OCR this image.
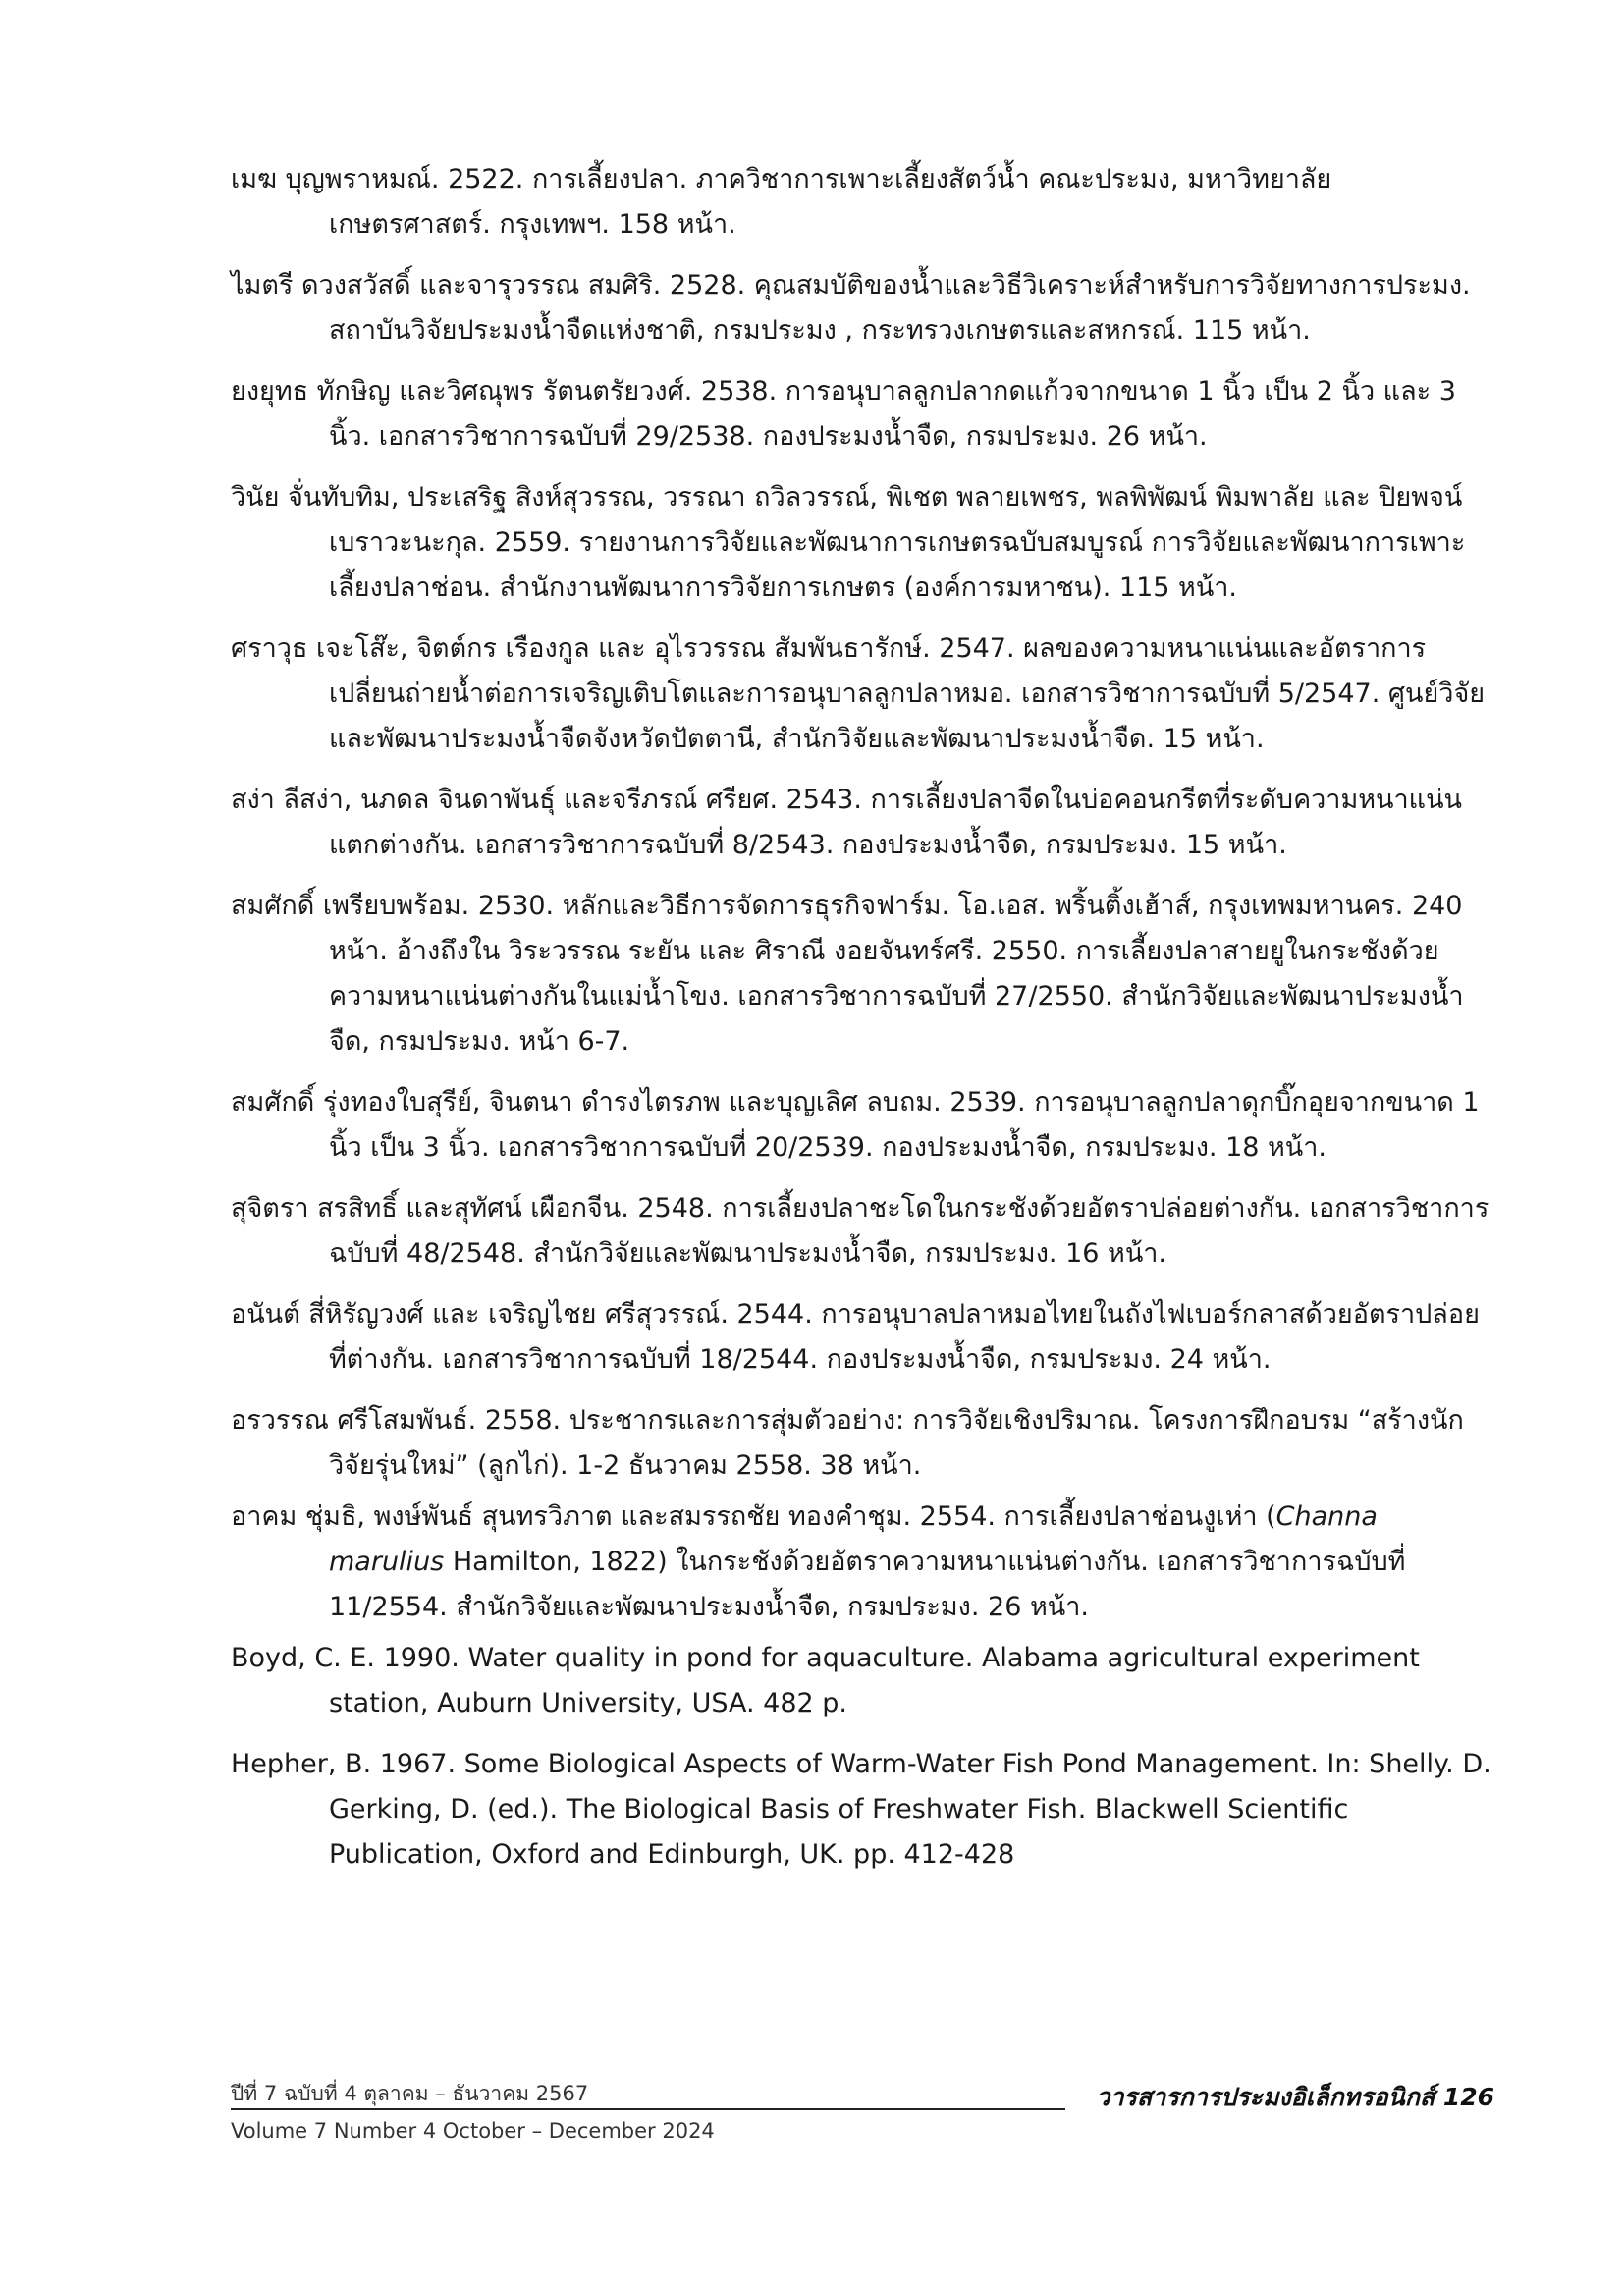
เมฆ บุญพราหมณ์. 2522. การเลี้ยงปลา. ภาควิชาการเพาะเลี้ยงสัตว์น้ำ คณะประมง, มหาวิทยาลัยเกษตรศาสตร์. กรุงเทพฯ. 158 หน้า.
ไมตรี ดวงสวัสดิ์ และจารุวรรณ สมศิริ. 2528. คุณสมบัติของน้ำและวิธีวิเคราะห์สำหรับการวิจัยทางการประมง. สถาบันวิจัยประมงน้ำจืดแห่งชาติ, กรมประมง , กระทรวงเกษตรและสหกรณ์. 115 หน้า.
ยงยุทธ ทักษิญ และวิศณุพร รัตนตรัยวงศ์. 2538. การอนุบาลลูกปลากดแก้วจากขนาด 1 นิ้ว เป็น 2 นิ้ว และ 3 นิ้ว. เอกสารวิชาการฉบับที่ 29/2538. กองประมงน้ำจืด, กรมประมง. 26 หน้า.
วินัย จั่นทับทิม, ประเสริฐ สิงห์สุวรรณ, วรรณา ถวิลวรรณ์, พิเชต พลายเพชร, พลพิพัฒน์ พิมพาลัย และ ปิยพจน์ เบราวะนะกุล. 2559. รายงานการวิจัยและพัฒนาการเกษตรฉบับสมบูรณ์ การวิจัยและพัฒนาการเพาะเลี้ยงปลาช่อน. สำนักงานพัฒนาการวิจัยการเกษตร (องค์การมหาชน). 115 หน้า.
ศราวุธ เจะโส๊ะ, จิตต์กร เรืองกูล และ อุไรวรรณ สัมพันธารักษ์. 2547. ผลของความหนาแน่นและอัตราการเปลี่ยนถ่ายน้ำต่อการเจริญเติบโตและการอนุบาลลูกปลาหมอ. เอกสารวิชาการฉบับที่ 5/2547. ศูนย์วิจัยและพัฒนาประมงน้ำจืดจังหวัดปัตตานี, สำนักวิจัยและพัฒนาประมงน้ำจืด. 15 หน้า.
สง่า ลีสง่า, นภดล จินดาพันธุ์ และจรีภรณ์ ศรียศ. 2543. การเลี้ยงปลาจีดในบ่อคอนกรีตที่ระดับความหนาแน่นแตกต่างกัน. เอกสารวิชาการฉบับที่ 8/2543. กองประมงน้ำจืด, กรมประมง. 15 หน้า.
สมศักดิ์ เพรียบพร้อม. 2530. หลักและวิธีการจัดการธุรกิจฟาร์ม. โอ.เอส. พริ้นติ้งเฮ้าส์, กรุงเทพมหานคร. 240 หน้า. อ้างถึงใน วิระวรรณ ระยัน และ ศิราณี งอยจันทร์ศรี. 2550. การเลี้ยงปลาสายยูในกระชังด้วยความหนาแน่นต่างกันในแม่น้ำโขง. เอกสารวิชาการฉบับที่ 27/2550. สำนักวิจัยและพัฒนาประมงน้ำจืด, กรมประมง. หน้า 6-7.
สมศักดิ์ รุ่งทองใบสุรีย์, จินตนา ดำรงไตรภพ และบุญเลิศ ลบถม. 2539. การอนุบาลลูกปลาดุกบิ๊กอุยจากขนาด 1 นิ้ว เป็น 3 นิ้ว. เอกสารวิชาการฉบับที่ 20/2539. กองประมงน้ำจืด, กรมประมง. 18 หน้า.
สุจิตรา สรสิทธิ์ และสุทัศน์ เผือกจีน. 2548. การเลี้ยงปลาชะโดในกระชังด้วยอัตราปล่อยต่างกัน. เอกสารวิชาการฉบับที่ 48/2548. สำนักวิจัยและพัฒนาประมงน้ำจืด, กรมประมง. 16 หน้า.
อนันต์ สี่หิรัญวงศ์ และ เจริญไชย ศรีสุวรรณ์. 2544. การอนุบาลปลาหมอไทยในถังไฟเบอร์กลาสด้วยอัตราปล่อยที่ต่างกัน. เอกสารวิชาการฉบับที่ 18/2544. กองประมงน้ำจืด, กรมประมง. 24 หน้า.
อรวรรณ ศรีโสมพันธ์. 2558. ประชากรและการสุ่มตัวอย่าง: การวิจัยเชิงปริมาณ. โครงการฝึกอบรม “สร้างนักวิจัยรุ่นใหม่” (ลูกไก่). 1-2 ธันวาคม 2558. 38 หน้า.
อาคม ชุ่มธิ, พงษ์พันธ์ สุนทรวิภาต และสมรรถชัย ทองคำชุม. 2554. การเลี้ยงปลาช่อนงูเห่า (Channa marulius Hamilton, 1822) ในกระชังด้วยอัตราความหนาแน่นต่างกัน. เอกสารวิชาการฉบับที่ 11/2554. สำนักวิจัยและพัฒนาประมงน้ำจืด, กรมประมง. 26 หน้า.
Boyd, C. E. 1990. Water quality in pond for aquaculture. Alabama agricultural experiment station, Auburn University, USA. 482 p.
Hepher, B. 1967. Some Biological Aspects of Warm-Water Fish Pond Management. In: Shelly. D. Gerking, D. (ed.). The Biological Basis of Freshwater Fish. Blackwell Scientific Publication, Oxford and Edinburgh, UK. pp. 412-428
ปีที่ 7 ฉบับที่ 4 ตุลาคม – ธันวาคม 2567	วารสารการประมงอิเล็กทรอนิกส์ 126
Volume 7 Number 4 October – December 2024
